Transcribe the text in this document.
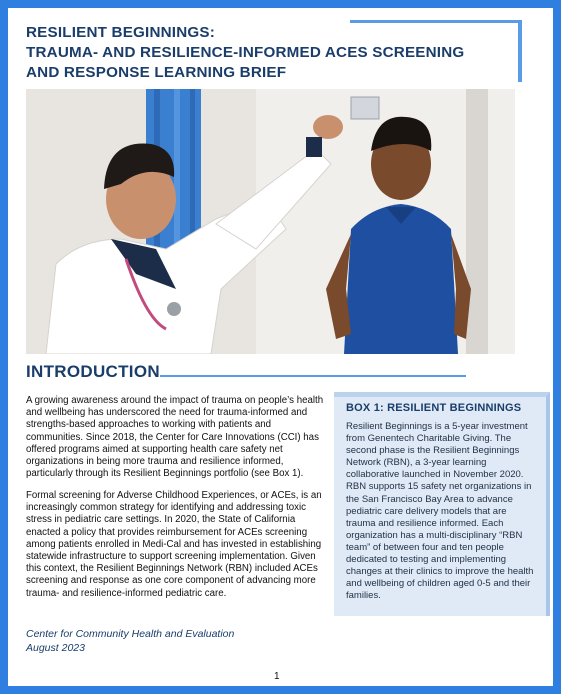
RESILIENT BEGINNINGS:
TRAUMA- AND RESILIENCE-INFORMED ACES SCREENING
AND RESPONSE LEARNING BRIEF
INTRODUCTION

A growing awareness around the impact of trauma on people’s health and wellbeing has underscored the need for trauma-informed and strengths-based approaches to working with patients and communities. Since 2018, the Center for Care Innovations (CCI) has offered programs aimed at supporting health care safety net organizations in being more trauma and resilience informed, particularly through its Resilient Beginnings portfolio (see Box 1).

Formal screening for Adverse Childhood Experiences, or ACEs, is an increasingly common strategy for identifying and addressing toxic stress in pediatric care settings. In 2020, the State of California enacted a policy that provides reimbursement for ACEs screening among patients enrolled in Medi-Cal and has invested in establishing statewide infrastructure to support screening implementation. Given this context, the Resilient Beginnings Network (RBN) included ACEs screening and response as one core component of advancing more trauma- and resilience-informed pediatric care.

Center for Community Health and Evaluation
August 2023

BOX 1: RESILIENT BEGINNINGS

Resilient Beginnings is a 5-year investment from Genentech Charitable Giving. The second phase is the Resilient Beginnings Network (RBN), a 3-year learning collaborative launched in November 2020. RBN supports 15 safety net organizations in the San Francisco Bay Area to advance pediatric care delivery models that are trauma and resilience informed. Each organization has a multi-disciplinary “RBN team” of between four and ten people dedicated to testing and implementing changes at their clinics to improve the health and wellbeing of children aged 0-5 and their families.

1
